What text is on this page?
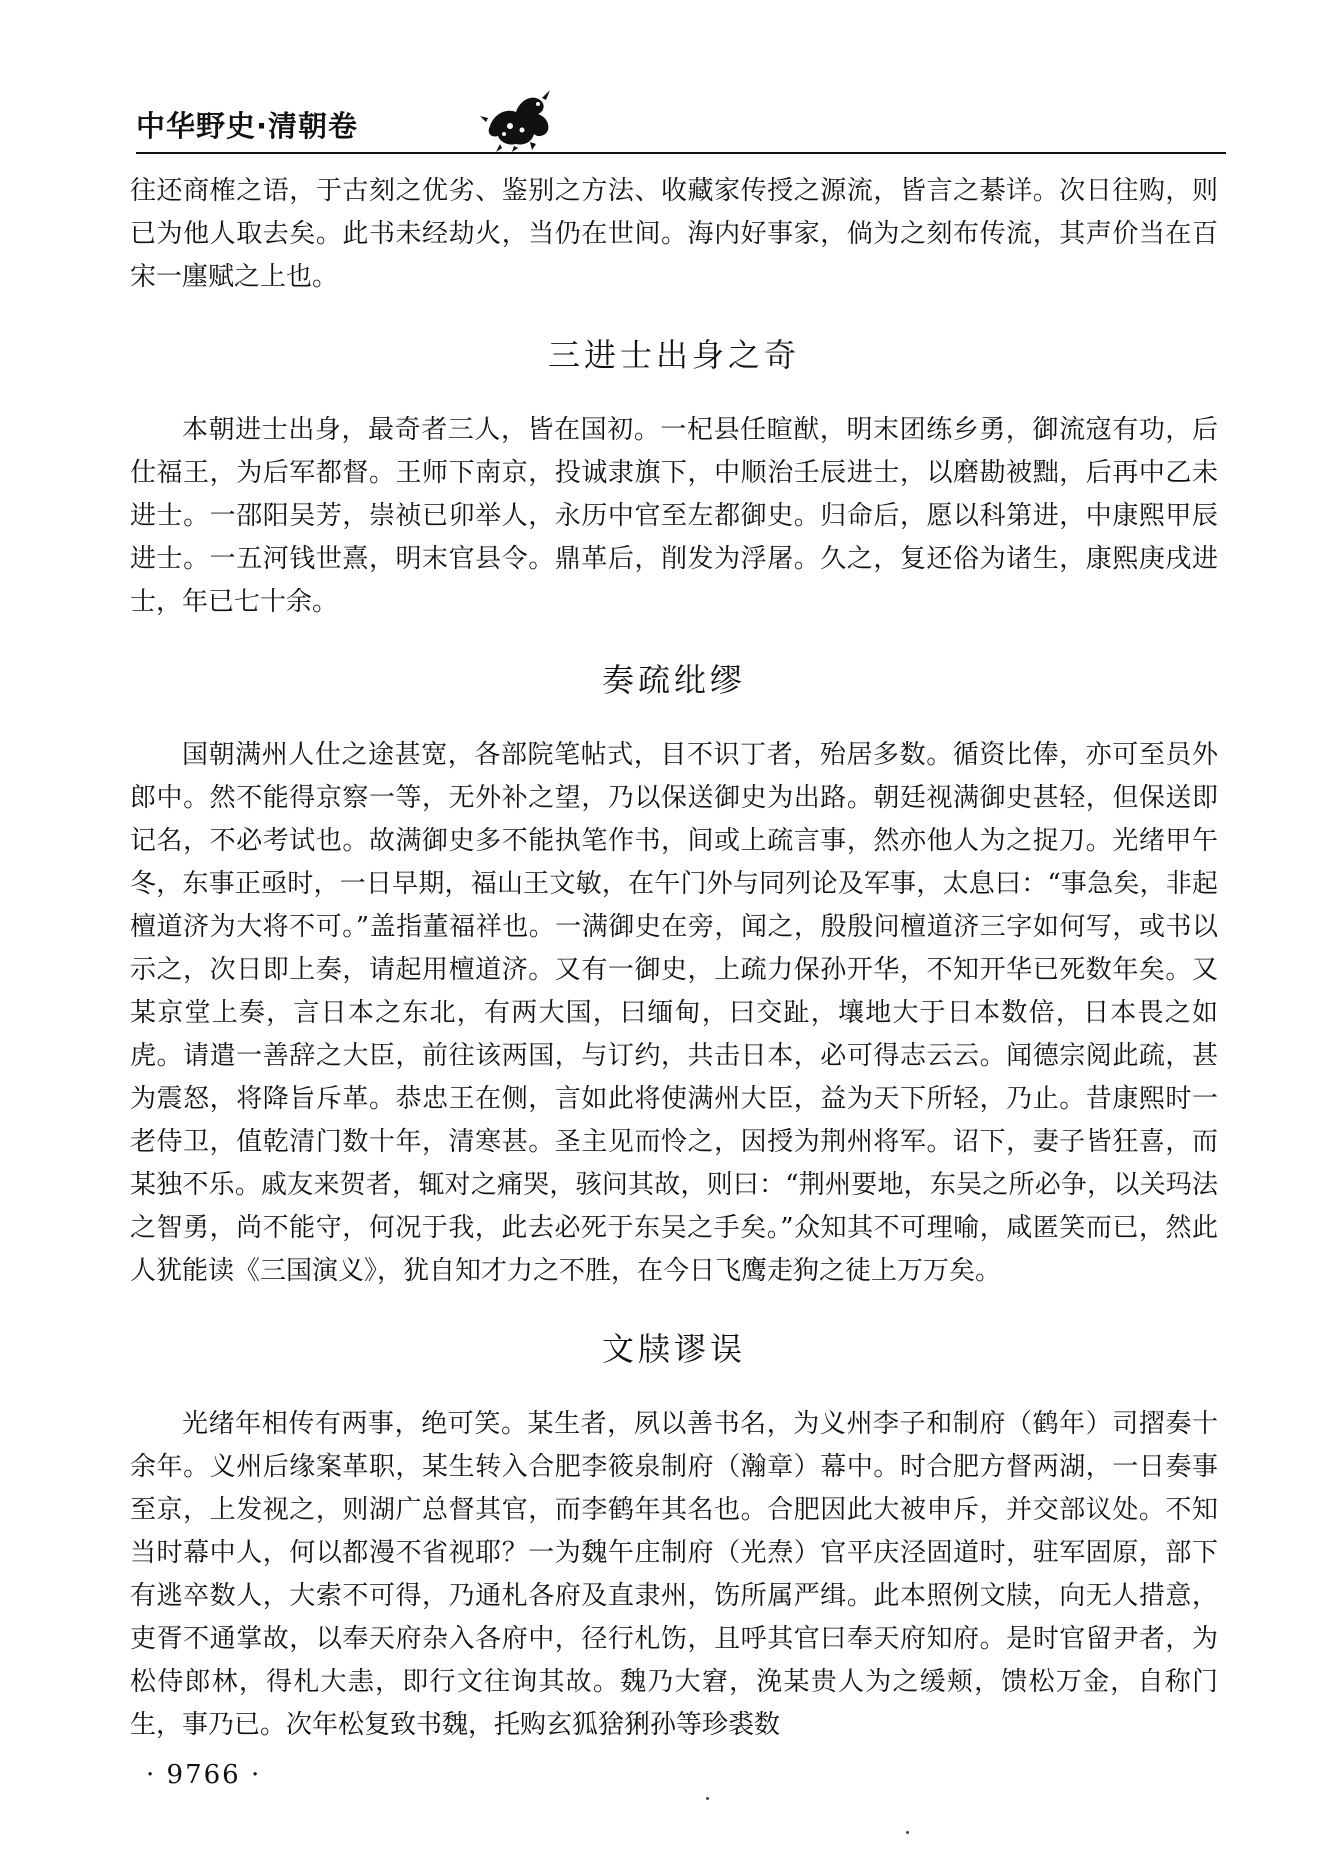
中华野史·清朝卷

往还商榷之语，于古刻之优劣、鉴别之方法、收藏家传授之源流，皆言之綦详。次日往购，则已为他人取去矣。此书未经劫火，当仍在世间。海内好事家，倘为之刻布传流，其声价当在百宋一廛赋之上也。

三进士出身之奇

本朝进士出身，最奇者三人，皆在国初。一杞县任暄猷，明末团练乡勇，御流寇有功，后仕福王，为后军都督。王师下南京，投诚隶旗下，中顺治壬辰进士，以磨勘被黜，后再中乙未进士。一邵阳吴芳，崇祯已卯举人，永历中官至左都御史。归命后，愿以科第进，中康熙甲辰进士。一五河钱世熹，明末官县令。鼎革后，削发为浮屠。久之，复还俗为诸生，康熙庚戌进士，年已七十余。

奏疏纰缪

国朝满州人仕之途甚宽，各部院笔帖式，目不识丁者，殆居多数。循资比俸，亦可至员外郎中。然不能得京察一等，无外补之望，乃以保送御史为出路。朝廷视满御史甚轻，但保送即记名，不必考试也。故满御史多不能执笔作书，间或上疏言事，然亦他人为之捉刀。光绪甲午冬，东事正亟时，一日早期，福山王文敏，在午门外与同列论及军事，太息曰：“事急矣，非起檀道济为大将不可。”盖指董福祥也。一满御史在旁，闻之，殷殷问檀道济三字如何写，或书以示之，次日即上奏，请起用檀道济。又有一御史，上疏力保孙开华，不知开华已死数年矣。又某京堂上奏，言日本之东北，有两大国，曰缅甸，曰交趾，壤地大于日本数倍，日本畏之如虎。请遣一善辞之大臣，前往该两国，与订约，共击日本，必可得志云云。闻德宗阅此疏，甚为震怒，将降旨斥革。恭忠王在侧，言如此将使满州大臣，益为天下所轻，乃止。昔康熙时一老侍卫，值乾清门数十年，清寒甚。圣主见而怜之，因授为荆州将军。诏下，妻子皆狂喜，而某独不乐。戚友来贺者，辄对之痛哭，骇问其故，则曰：“荆州要地，东吴之所必争，以关玛法之智勇，尚不能守，何况于我，此去必死于东吴之手矣。”众知其不可理喻，咸匿笑而已，然此人犹能读《三国演义》，犹自知才力之不胜，在今日飞鹰走狗之徒上万万矣。

文牍谬误

光绪年相传有两事，绝可笑。某生者，夙以善书名，为义州李子和制府（鹤年）司摺奏十余年。义州后缘案革职，某生转入合肥李筱泉制府（瀚章）幕中。时合肥方督两湖，一日奏事至京，上发视之，则湖广总督其官，而李鹤年其名也。合肥因此大被申斥，并交部议处。不知当时幕中人，何以都漫不省视耶？一为魏午庄制府（光焘）官平庆泾固道时，驻军固原，部下有逃卒数人，大索不可得，乃通札各府及直隶州，饬所属严缉。此本照例文牍，向无人措意，吏胥不通掌故，以奉天府杂入各府中，径行札饬，且呼其官曰奉天府知府。是时官留尹者，为松侍郎林，得札大恚，即行文往询其故。魏乃大窘，浼某贵人为之缓颊，馈松万金，自称门生，事乃已。次年松复致书魏，托购玄狐猞猁孙等珍裘数

· 9766 ·
